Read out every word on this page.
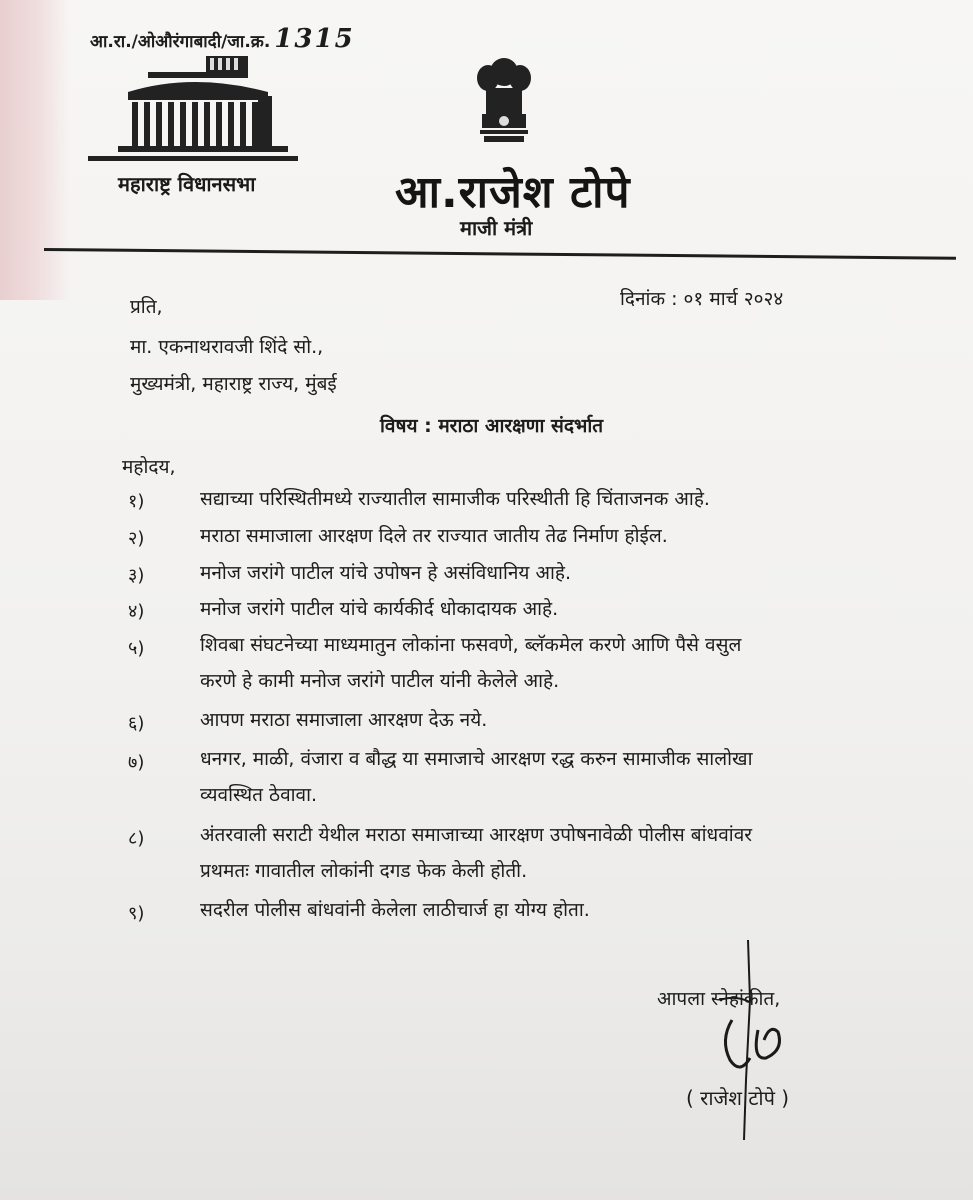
आ.रा./ओऔरंगाबादी/जा.क्र. 1315
महाराष्ट्र विधानसभा	आ.राजेश टोपे
माजी मंत्री
दिनांक : ०१ मार्च २०२४
प्रति,
मा. एकनाथरावजी शिंदे सो.,
मुख्यमंत्री, महाराष्ट्र राज्य, मुंबई
विषय : मराठा आरक्षणा संदर्भात
महोदय,
१)	सद्याच्या परिस्थितीमध्ये राज्यातील सामाजीक परिस्थीती हि चिंताजनक आहे.
२)	मराठा समाजाला आरक्षण दिले तर राज्यात जातीय तेढ निर्माण होईल.
३)	मनोज जरांगे पाटील यांचे उपोषन हे असंविधानिय आहे.
४)	मनोज जरांगे पाटील यांचे कार्यकीर्द धोकादायक आहे.
५)	शिवबा संघटनेच्या माध्यमातुन लोकांना फसवणे, ब्लॅकमेल करणे आणि पैसे वसुल
करणे हे कामी मनोज जरांगे पाटील यांनी केलेले आहे.
६)	आपण मराठा समाजाला आरक्षण देऊ नये.
७)	धनगर, माळी, वंजारा व बौद्ध या समाजाचे आरक्षण रद्ध करुन सामाजीक सालोखा
व्यवस्थित ठेवावा.
८)	अंतरवाली सराटी येथील मराठा समाजाच्या आरक्षण उपोषनावेळी पोलीस बांधवांवर
प्रथमतः गावातील लोकांनी दगड फेक केली होती.
९)	सदरील पोलीस बांधवांनी केलेला लाठीचार्ज हा योग्य होता.
आपला स्नेहांकीत,
( राजेश टोपे )
